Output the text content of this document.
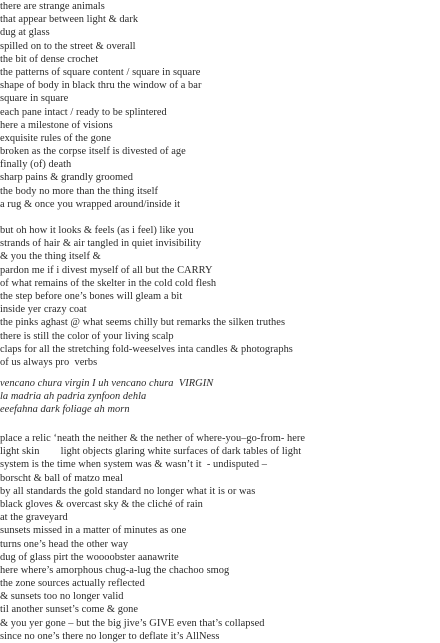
there are strange animals
that appear between light & dark
dug at glass
spilled on to the street & overall
the bit of dense crochet
the patterns of square content / square in square
shape of body in black thru the window of a bar
square in square
each pane intact / ready to be splintered
here a milestone of visions
exquisite rules of the gone
broken as the corpse itself is divested of age
finally (of) death
sharp pains & grandly groomed
the body no more than the thing itself
a rug & once you wrapped around/inside it
but oh how it looks & feels (as i feel) like you
strands of hair & air tangled in quiet invisibility
& you the thing itself &
pardon me if i divest myself of all but the CARRY
of what remains of the skelter in the cold cold flesh
the step before one’s bones will gleam a bit
inside yer crazy coat
the pinks aghast @ what seems chilly but remarks the silken truthes
there is still the color of your living scalp
claps for all the stretching fold-weeselves inta candles & photographs
of us always pro  verbs
vencano chura virgin I uh vencano chura  VIRGIN
la madria ah padria zynfoon dehla
eeefahna dark foliage ah morn
place a relic ‘neath the neither & the nether of where-you–go-from- here
light skin        light objects glaring white surfaces of dark tables of light
system is the time when system was & wasn’t it  - undisputed –
borscht & ball of matzo meal
by all standards the gold standard no longer what it is or was
black gloves & overcast sky & the cliché of rain
at the graveyard
sunsets missed in a matter of minutes as one
turns one’s head the other way
dug of glass pirt the woooobster aanawrite
here where’s amorphous chug-a-lug the chachoo smog
the zone sources actually reflected
& sunsets too no longer valid
til another sunset’s come & gone
& you yer gone – but the big jive’s GIVE even that’s collapsed
since no one’s there no longer to deflate it’s AllNess
